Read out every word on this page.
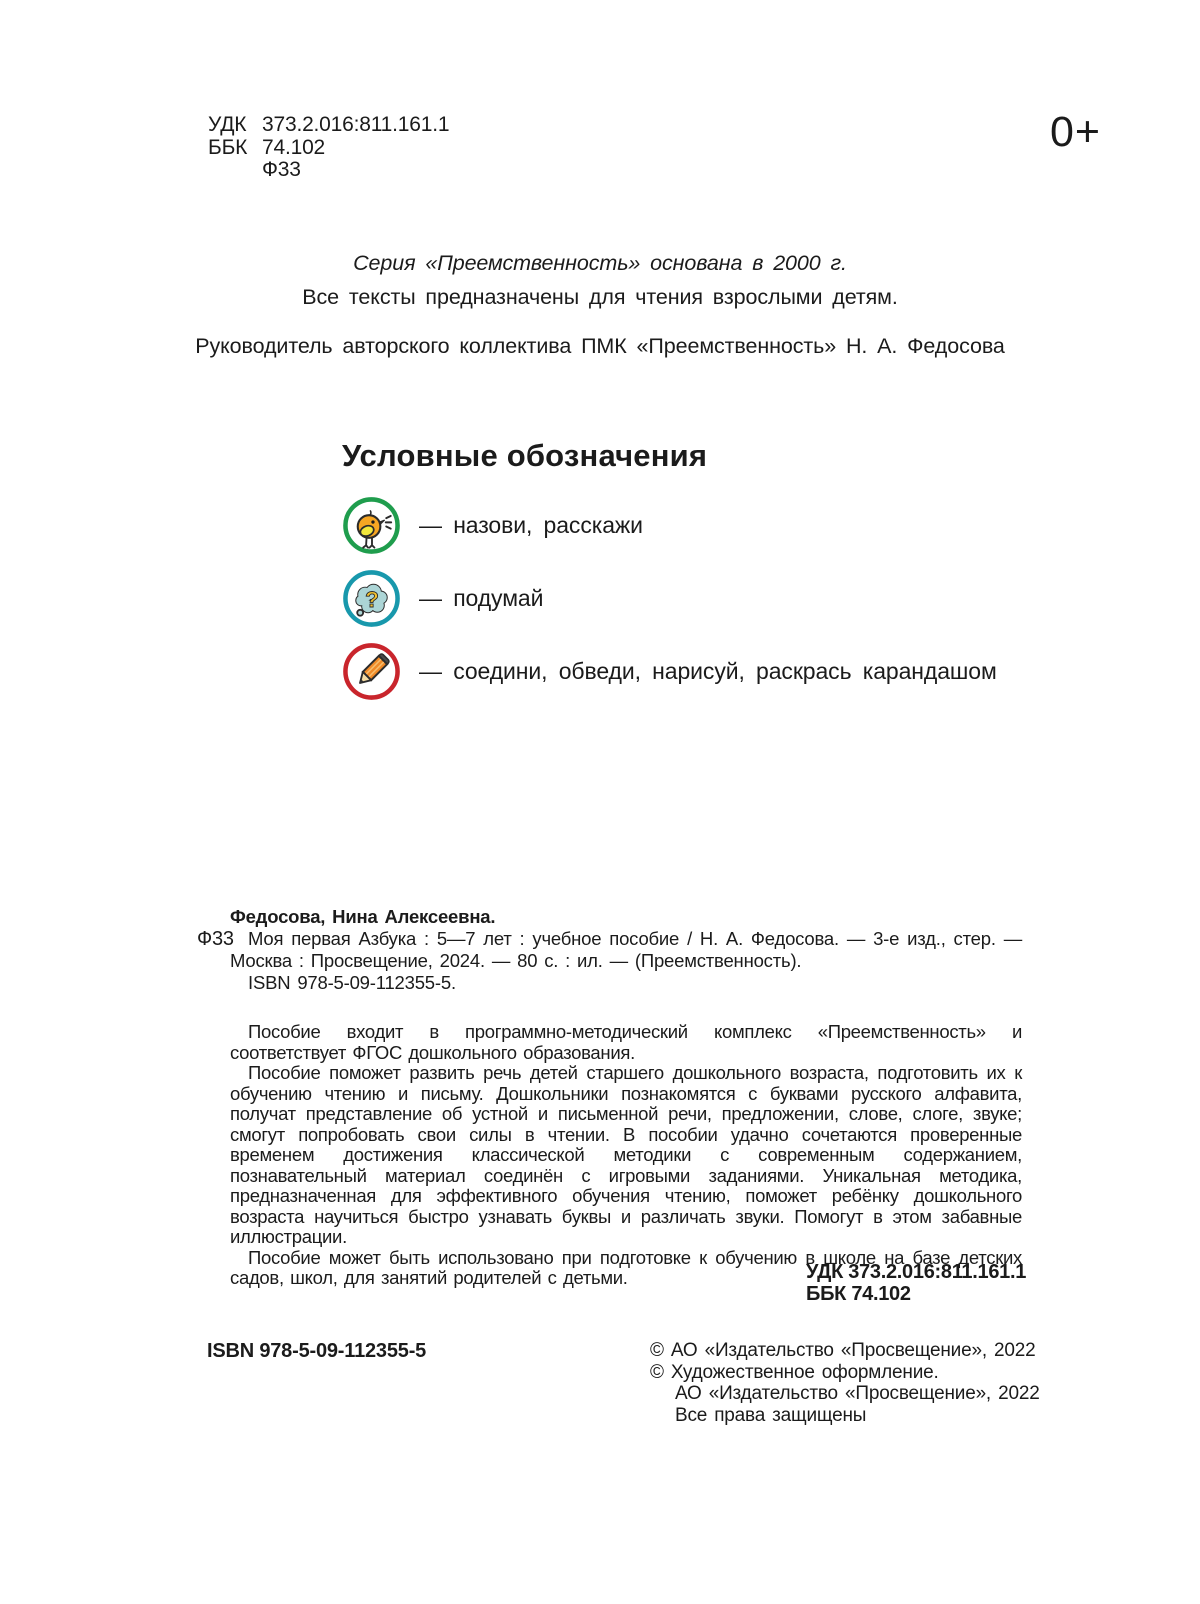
УДК 373.2.016:811.161.1
ББК 74.102
Ф33
0+
Серия «Преемственность» основана в 2000 г.
Все тексты предназначены для чтения взрослыми детям.
Руководитель авторского коллектива ПМК «Преемственность» Н. А. Федосова
Условные обозначения
— назови, расскажи
? — подумай
— соедини, обведи, нарисуй, раскрась карандашом
Ф33
Федосова, Нина Алексеевна.
Моя первая Азбука : 5—7 лет : учебное пособие / Н. А. Федосова. — 3-е изд., стер. — Москва : Просвещение, 2024. — 80 с. : ил. — (Преемственность).
ISBN 978-5-09-112355-5.

Пособие входит в программно-методический комплекс «Преемственность» и соответствует ФГОС дошкольного образования.

Пособие поможет развить речь детей старшего дошкольного возраста, подготовить их к обучению чтению и письму. Дошкольники познакомятся с буквами русского алфавита, получат представление об устной и письменной речи, предложении, слове, слоге, звуке; смогут попробовать свои силы в чтении. В пособии удачно сочетаются проверенные временем достижения классической методики с современным содержанием, познавательный материал соединён с игровыми заданиями. Уникальная методика, предназначенная для эффективного обучения чтению, поможет ребёнку дошкольного возраста научиться быстро узнавать буквы и различать звуки. Помогут в этом забавные иллюстрации.

Пособие может быть использовано при подготовке к обучению в школе на базе детских садов, школ, для занятий родителей с детьми.	УДК 373.2.016:811.161.1
ББК 74.102
ISBN 978-5-09-112355-5	© АО «Издательство «Просвещение», 2022
© Художественное оформление.
АО «Издательство «Просвещение», 2022
Все права защищены
